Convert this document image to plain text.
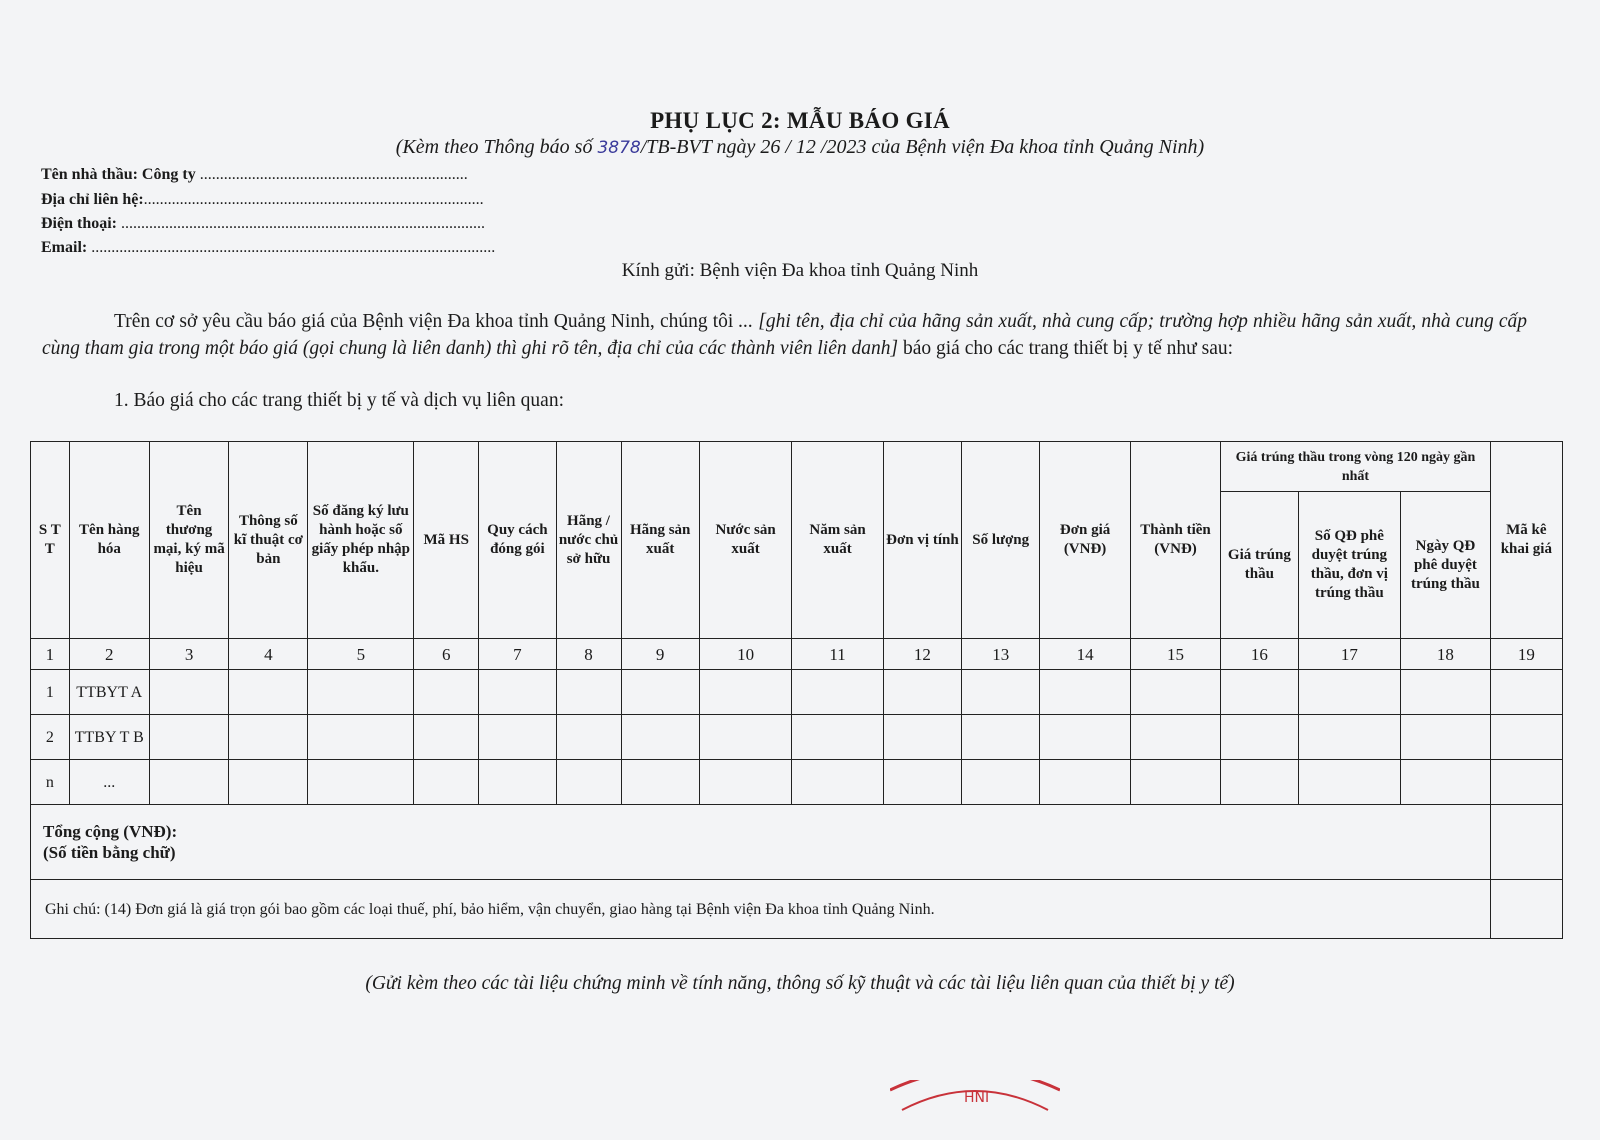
PHỤ LỤC 2: MẪU BÁO GIÁ
(Kèm theo Thông báo số 3878/TB-BVT ngày 26 / 12 /2023 của Bệnh viện Đa khoa tỉnh Quảng Ninh)
Tên nhà thầu: Công ty ...................................................................
Địa chỉ liên hệ:.....................................................................................
Điện thoại: ...........................................................................................
Email: .....................................................................................................
Kính gửi: Bệnh viện Đa khoa tỉnh Quảng Ninh
Trên cơ sở yêu cầu báo giá của Bệnh viện Đa khoa tỉnh Quảng Ninh, chúng tôi ... [ghi tên, địa chỉ của hãng sản xuất, nhà cung cấp; trường hợp nhiều hãng sản xuất, nhà cung cấp cùng tham gia trong một báo giá (gọi chung là liên danh) thì ghi rõ tên, địa chỉ của các thành viên liên danh] báo giá cho các trang thiết bị y tế như sau:
1. Báo giá cho các trang thiết bị y tế và dịch vụ liên quan:
S T T	Tên hàng hóa	Tên thương mại, ký mã hiệu	Thông số kĩ thuật cơ bản	Số đăng ký lưu hành hoặc số giấy phép nhập khẩu.	Mã HS	Quy cách đóng gói	Hãng / nước chủ sở hữu	Hãng sản xuất	Nước sản xuất	Năm sản xuất	Đơn vị tính	Số lượng	Đơn giá (VNĐ)	Thành tiền (VNĐ)	Giá trúng thầu trong vòng 120 ngày gần nhất			Mã kê khai giá
															Giá trúng thầu	Số QĐ phê duyệt trúng thầu, đơn vị trúng thầu	Ngày QĐ phê duyệt trúng thầu	
1	2	3	4	5	6	7	8	9	10	11	12	13	14	15	16	17	18	19
1	TTBYT A																	
2	TTBY T B																	
n	...																	

Tổng cộng (VNĐ):
(Số tiền bằng chữ)																		

Ghi chú: (14) Đơn giá là giá trọn gói bao gồm các loại thuế, phí, bảo hiểm, vận chuyển, giao hàng tại Bệnh viện Đa khoa tỉnh Quảng Ninh.																		
(Gửi kèm theo các tài liệu chứng minh về tính năng, thông số kỹ thuật và các tài liệu liên quan của thiết bị y tế)
HNI
